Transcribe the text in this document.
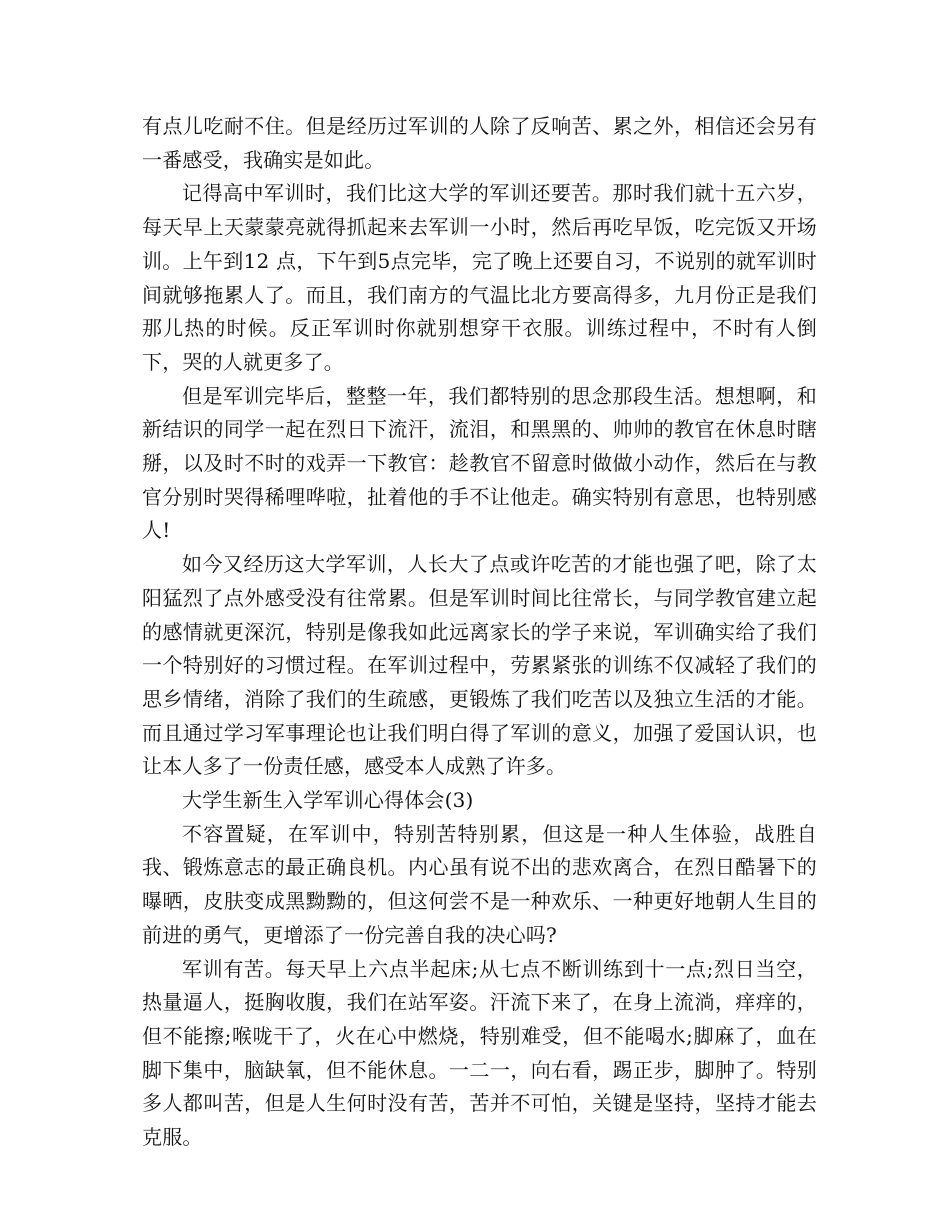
有点儿吃耐不住。但是经历过军训的人除了反响苦、累之外，相信还会另有一番感受，我确实是如此。

记得高中军训时，我们比这大学的军训还要苦。那时我们就十五六岁，每天早上天蒙蒙亮就得抓起来去军训一小时，然后再吃早饭，吃完饭又开场训。上午到12 点，下午到5点完毕，完了晚上还要自习，不说别的就军训时间就够拖累人了。而且，我们南方的气温比北方要高得多，九月份正是我们那儿热的时候。反正军训时你就别想穿干衣服。训练过程中，不时有人倒下，哭的人就更多了。

但是军训完毕后，整整一年，我们都特别的思念那段生活。想想啊，和新结识的同学一起在烈日下流汗，流泪，和黑黑的、帅帅的教官在休息时瞎掰，以及时不时的戏弄一下教官：趁教官不留意时做做小动作，然后在与教官分别时哭得稀哩哗啦，扯着他的手不让他走。确实特别有意思，也特别感人!

如今又经历这大学军训，人长大了点或许吃苦的才能也强了吧，除了太阳猛烈了点外感受没有往常累。但是军训时间比往常长，与同学教官建立起的感情就更深沉，特别是像我如此远离家长的学子来说，军训确实给了我们一个特别好的习惯过程。在军训过程中，劳累紧张的训练不仅减轻了我们的思乡情绪，消除了我们的生疏感，更锻炼了我们吃苦以及独立生活的才能。而且通过学习军事理论也让我们明白得了军训的意义，加强了爱国认识，也让本人多了一份责任感，感受本人成熟了许多。

大学生新生入学军训心得体会(3)

不容置疑，在军训中，特别苦特别累，但这是一种人生体验，战胜自我、锻炼意志的最正确良机。内心虽有说不出的悲欢离合，在烈日酷暑下的曝晒，皮肤变成黑黝黝的，但这何尝不是一种欢乐、一种更好地朝人生目的前进的勇气，更增添了一份完善自我的决心吗?

军训有苦。每天早上六点半起床;从七点不断训练到十一点;烈日当空，热量逼人，挺胸收腹，我们在站军姿。汗流下来了，在身上流淌，痒痒的，但不能擦;喉咙干了，火在心中燃烧，特别难受，但不能喝水;脚麻了，血在脚下集中，脑缺氧，但不能休息。一二一，向右看，踢正步，脚肿了。特别多人都叫苦，但是人生何时没有苦，苦并不可怕，关键是坚持，坚持才能去克服。
